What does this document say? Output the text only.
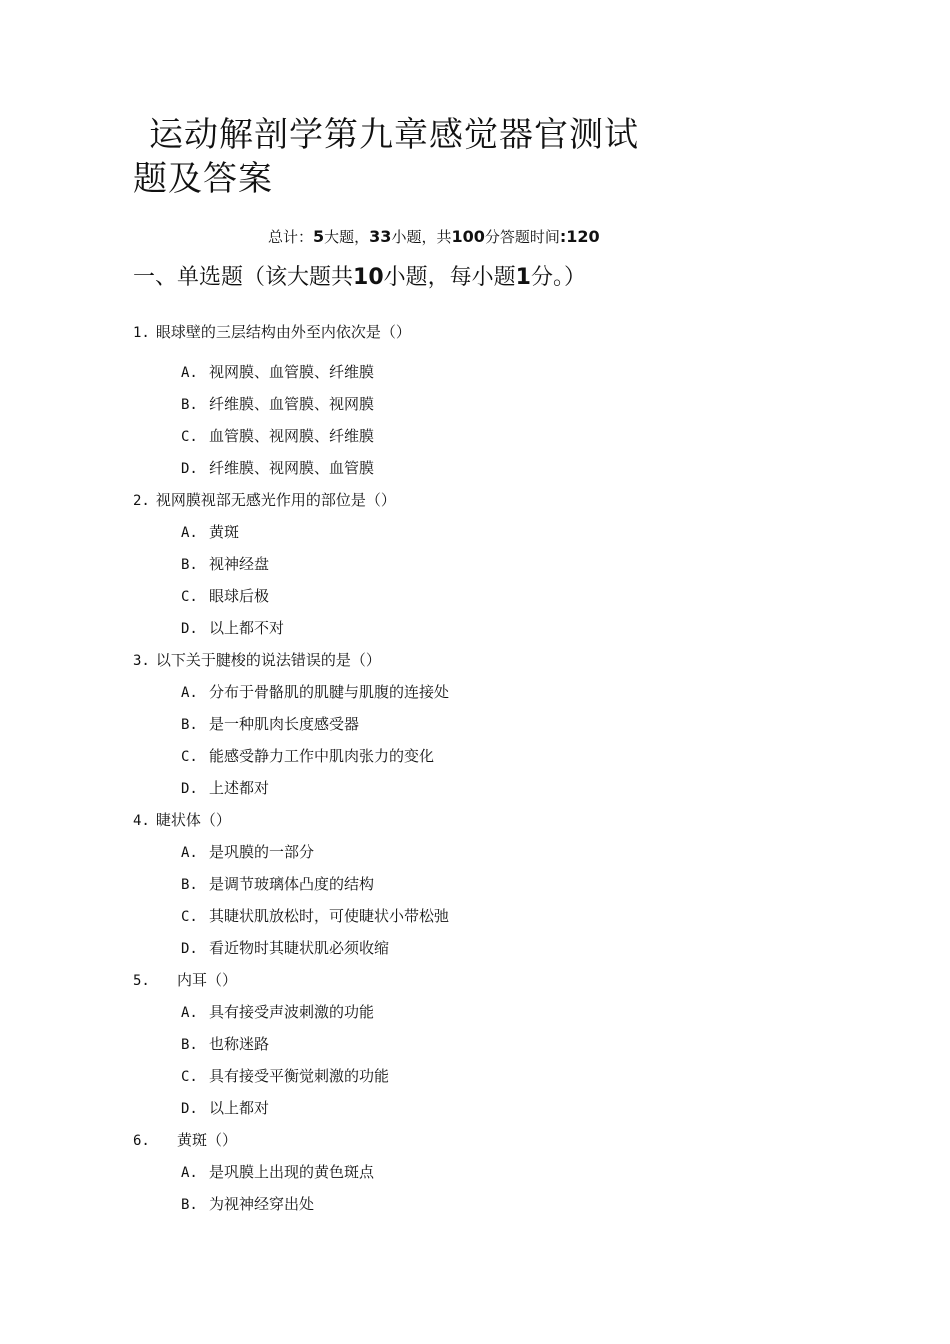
运动解剖学第九章感觉器官测试
题及答案
总计：5大题，33小题，共100分答题时间:120
一、单选题（该大题共10小题，每小题1分。）
1. 眼球壁的三层结构由外至内依次是（）
A. 视网膜、血管膜、纤维膜
B. 纤维膜、血管膜、视网膜
C. 血管膜、视网膜、纤维膜
D. 纤维膜、视网膜、血管膜
2. 视网膜视部无感光作用的部位是（）
A. 黄斑
B. 视神经盘
C. 眼球后极
D. 以上都不对
3. 以下关于腱梭的说法错误的是（）
A. 分布于骨骼肌的肌腱与肌腹的连接处
B. 是一种肌肉长度感受器
C. 能感受静力工作中肌肉张力的变化
D. 上述都对
4. 睫状体（）
A. 是巩膜的一部分
B. 是调节玻璃体凸度的结构
C. 其睫状肌放松时，可使睫状小带松弛
D. 看近物时其睫状肌必须收缩
5. 内耳（）
A. 具有接受声波刺激的功能
B. 也称迷路
C. 具有接受平衡觉刺激的功能
D. 以上都对
6. 黄斑（）
A. 是巩膜上出现的黄色斑点
B. 为视神经穿出处
